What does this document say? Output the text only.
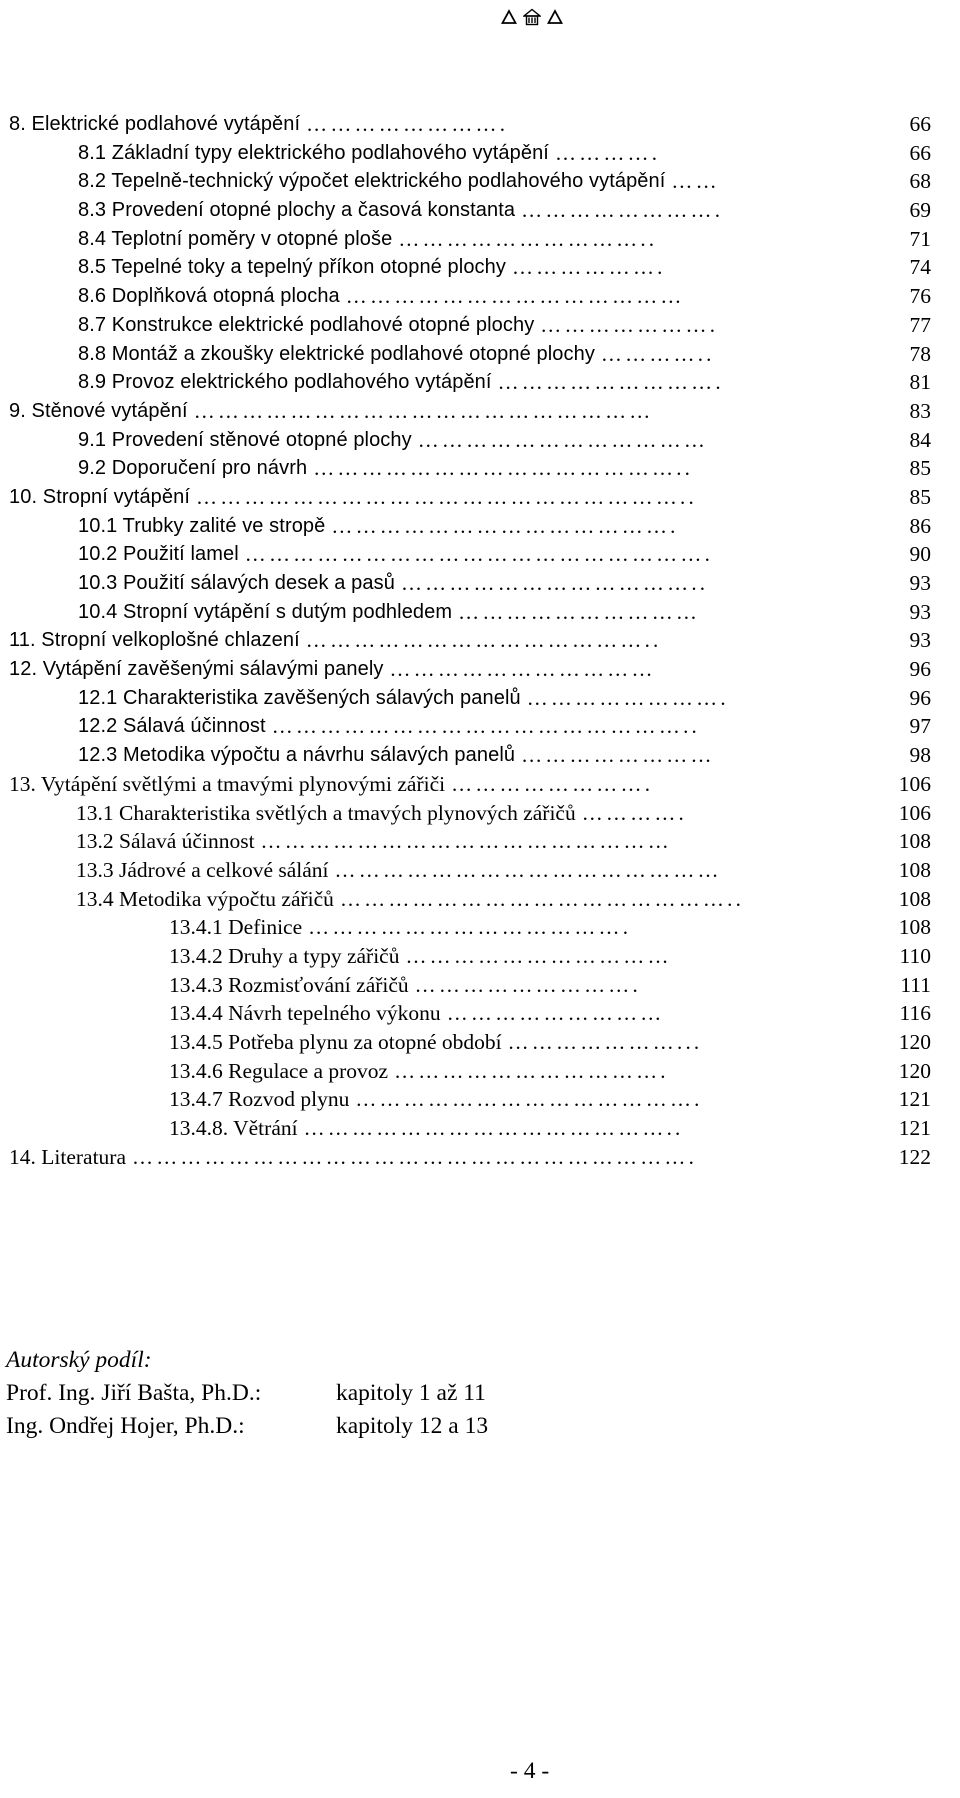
8. Elektrické podlahové vytápění …………………….	66
8.1 Základní typy elektrického podlahového vytápění ………….	66
8.2 Tepelně-technický výpočet elektrického podlahového vytápění ……	68
8.3 Provedení otopné plochy a časová konstanta …………………….	69
8.4 Teplotní poměry v otopné ploše …………………………..	71
8.5 Tepelné toky a tepelný příkon otopné plochy ……………….	74
8.6 Doplňková otopná plocha ……………………………………	76
8.7 Konstrukce elektrické podlahové otopné plochy ………………….	77
8.8 Montáž a zkoušky elektrické podlahové otopné plochy …………..	78
8.9 Provoz elektrického podlahového vytápění ……………………….	81
9. Stěnové vytápění …………………………………………………	83
9.1 Provedení stěnové otopné plochy ………………………………	84
9.2 Doporučení pro návrh ………………………………………..	85
10. Stropní vytápění ……………………………………………………..	85
10.1 Trubky zalité ve stropě …………………………………….	86
10.2 Použití lamel ………………………………………………….	90
10.3 Použití sálavých desek a pasů ………………………………..	93
10.4 Stropní vytápění s dutým podhledem …………………………	93
11. Stropní velkoplošné chlazení ……………………………………..	93
12. Vytápění zavěšenými sálavými panely ……………………………	96
12.1 Charakteristika zavěšených sálavých panelů …………………….	96
12.2 Sálavá účinnost ……………………………………………..	97
12.3 Metodika výpočtu a návrhu sálavých panelů ……………………	98
13. Vytápění světlými a tmavými plynovými zářiči …………………….	106
13.1 Charakteristika světlých a tmavých plynových zářičů ………….	106
13.2 Sálavá účinnost ……………………………………………	108
13.3 Jádrové a celkové sálání …………………………………………	108
13.4 Metodika výpočtu zářičů …………………………………………..	108
13.4.1 Definice ………………………………….	108
13.4.2 Druhy a typy zářičů ……………………………	110
13.4.3 Rozmisťování zářičů ……………………….	111
13.4.4 Návrh tepelného výkonu ………………………	116
13.4.5 Potřeba plynu za otopné období …………………...	120
13.4.6 Regulace a provoz …………………………….	120
13.4.7 Rozvod plynu …………………………………….	121
13.4.8. Větrání ………………………………………..	121
14. Literatura …………………………………………………………….	122
Autorský podíl:
Prof. Ing. Jiří Bašta, Ph.D.:	kapitoly 1 až 11
Ing. Ondřej Hojer, Ph.D.:	kapitoly 12 a 13
- 4 -
